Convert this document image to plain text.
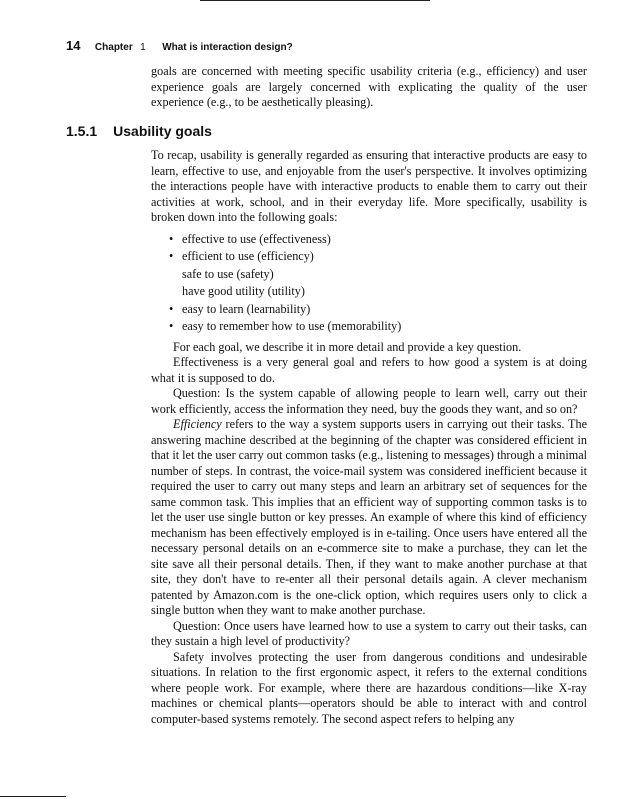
14 Chapter 1 What is interaction design?

goals are concerned with meeting specific usability criteria (e.g., efficiency) and user experience goals are largely concerned with explicating the quality of the user experience (e.g., to be aesthetically pleasing).

1.5.1 Usability goals

To recap, usability is generally regarded as ensuring that interactive products are easy to learn, effective to use, and enjoyable from the user's perspective. It involves optimizing the interactions people have with interactive products to enable them to carry out their activities at work, school, and in their everyday life. More specifically, usability is broken down into the following goals:

• effective to use (effectiveness)
• efficient to use (efficiency)
safe to use (safety)
have good utility (utility)
• easy to learn (learnability)
• easy to remember how to use (memorability)

For each goal, we describe it in more detail and provide a key question.

Effectiveness is a very general goal and refers to how good a system is at doing what it is supposed to do.

Question: Is the system capable of allowing people to learn well, carry out their work efficiently, access the information they need, buy the goods they want, and so on?

Efficiency refers to the way a system supports users in carrying out their tasks. The answering machine described at the beginning of the chapter was considered efficient in that it let the user carry out common tasks (e.g., listening to messages) through a minimal number of steps. In contrast, the voice-mail system was considered inefficient because it required the user to carry out many steps and learn an arbitrary set of sequences for the same common task. This implies that an efficient way of supporting common tasks is to let the user use single button or key presses. An example of where this kind of efficiency mechanism has been effectively employed is in e-tailing. Once users have entered all the necessary personal details on an e-commerce site to make a purchase, they can let the site save all their personal details. Then, if they want to make another purchase at that site, they don't have to re-enter all their personal details again. A clever mechanism patented by Amazon.com is the one-click option, which requires users only to click a single button when they want to make another purchase.

Question: Once users have learned how to use a system to carry out their tasks, can they sustain a high level of productivity?

Safety involves protecting the user from dangerous conditions and undesirable situations. In relation to the first ergonomic aspect, it refers to the external conditions where people work. For example, where there are hazardous conditions—like X-ray machines or chemical plants—operators should be able to interact with and control computer-based systems remotely. The second aspect refers to helping any
